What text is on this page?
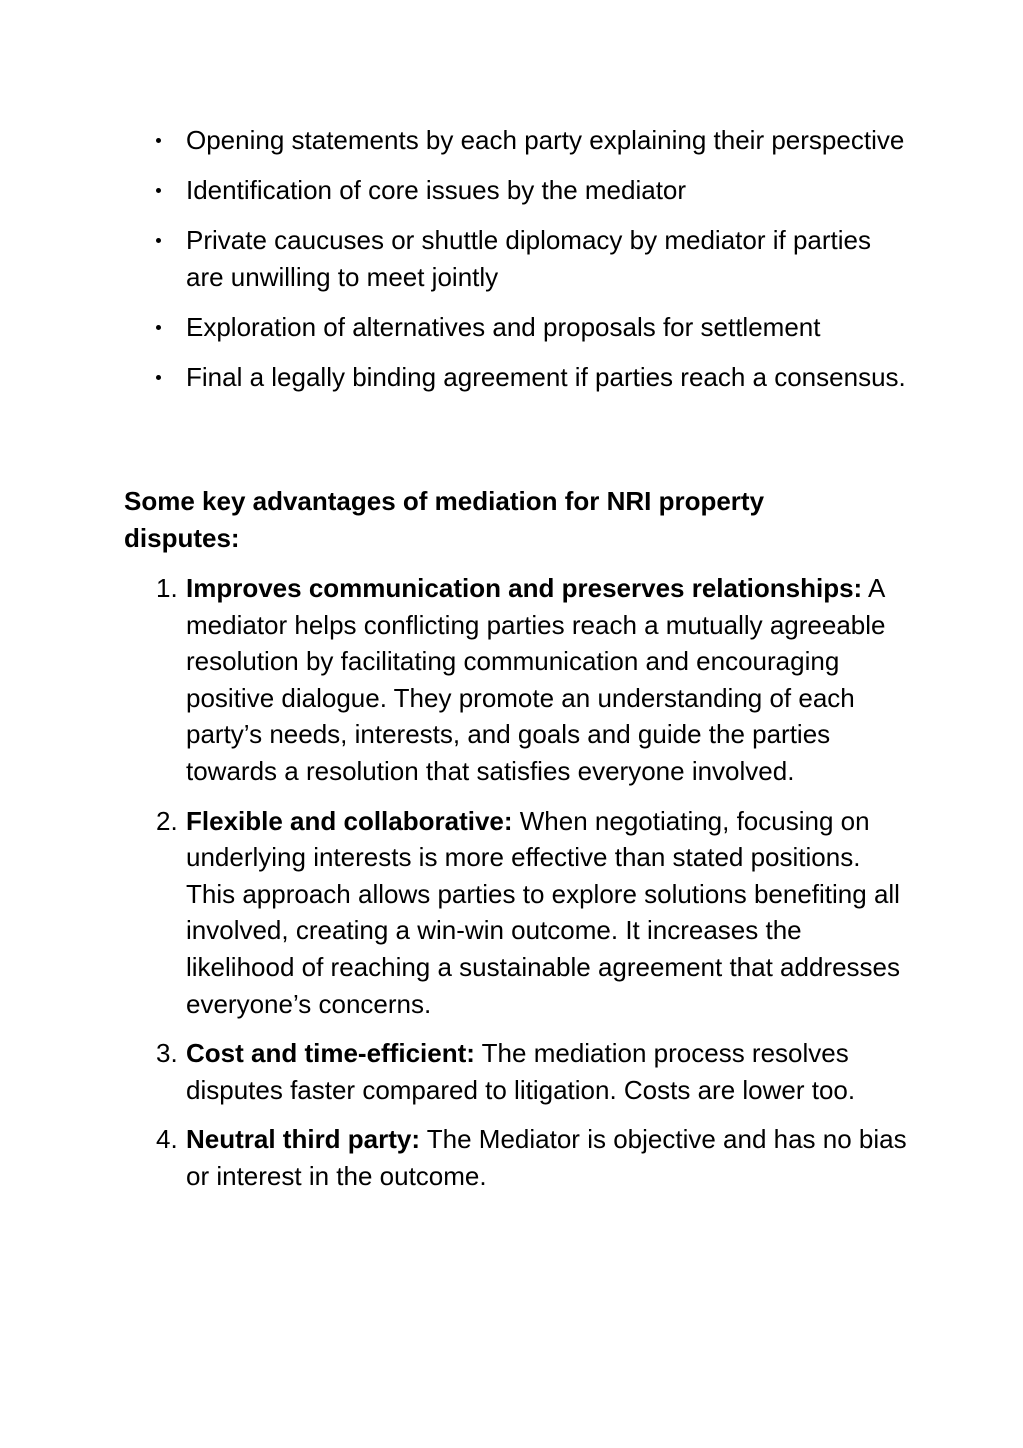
Opening statements by each party explaining their perspective
Identification of core issues by the mediator
Private caucuses or shuttle diplomacy by mediator if parties are unwilling to meet jointly
Exploration of alternatives and proposals for settlement
Final a legally binding agreement if parties reach a consensus.

Some key advantages of mediation for NRI property disputes:

1. Improves communication and preserves relationships: A mediator helps conflicting parties reach a mutually agreeable resolution by facilitating communication and encouraging positive dialogue. They promote an understanding of each party’s needs, interests, and goals and guide the parties towards a resolution that satisfies everyone involved.
2. Flexible and collaborative: When negotiating, focusing on underlying interests is more effective than stated positions. This approach allows parties to explore solutions benefiting all involved, creating a win-win outcome. It increases the likelihood of reaching a sustainable agreement that addresses everyone’s concerns.
3. Cost and time-efficient: The mediation process resolves disputes faster compared to litigation. Costs are lower too.
4. Neutral third party: The Mediator is objective and has no bias or interest in the outcome.
